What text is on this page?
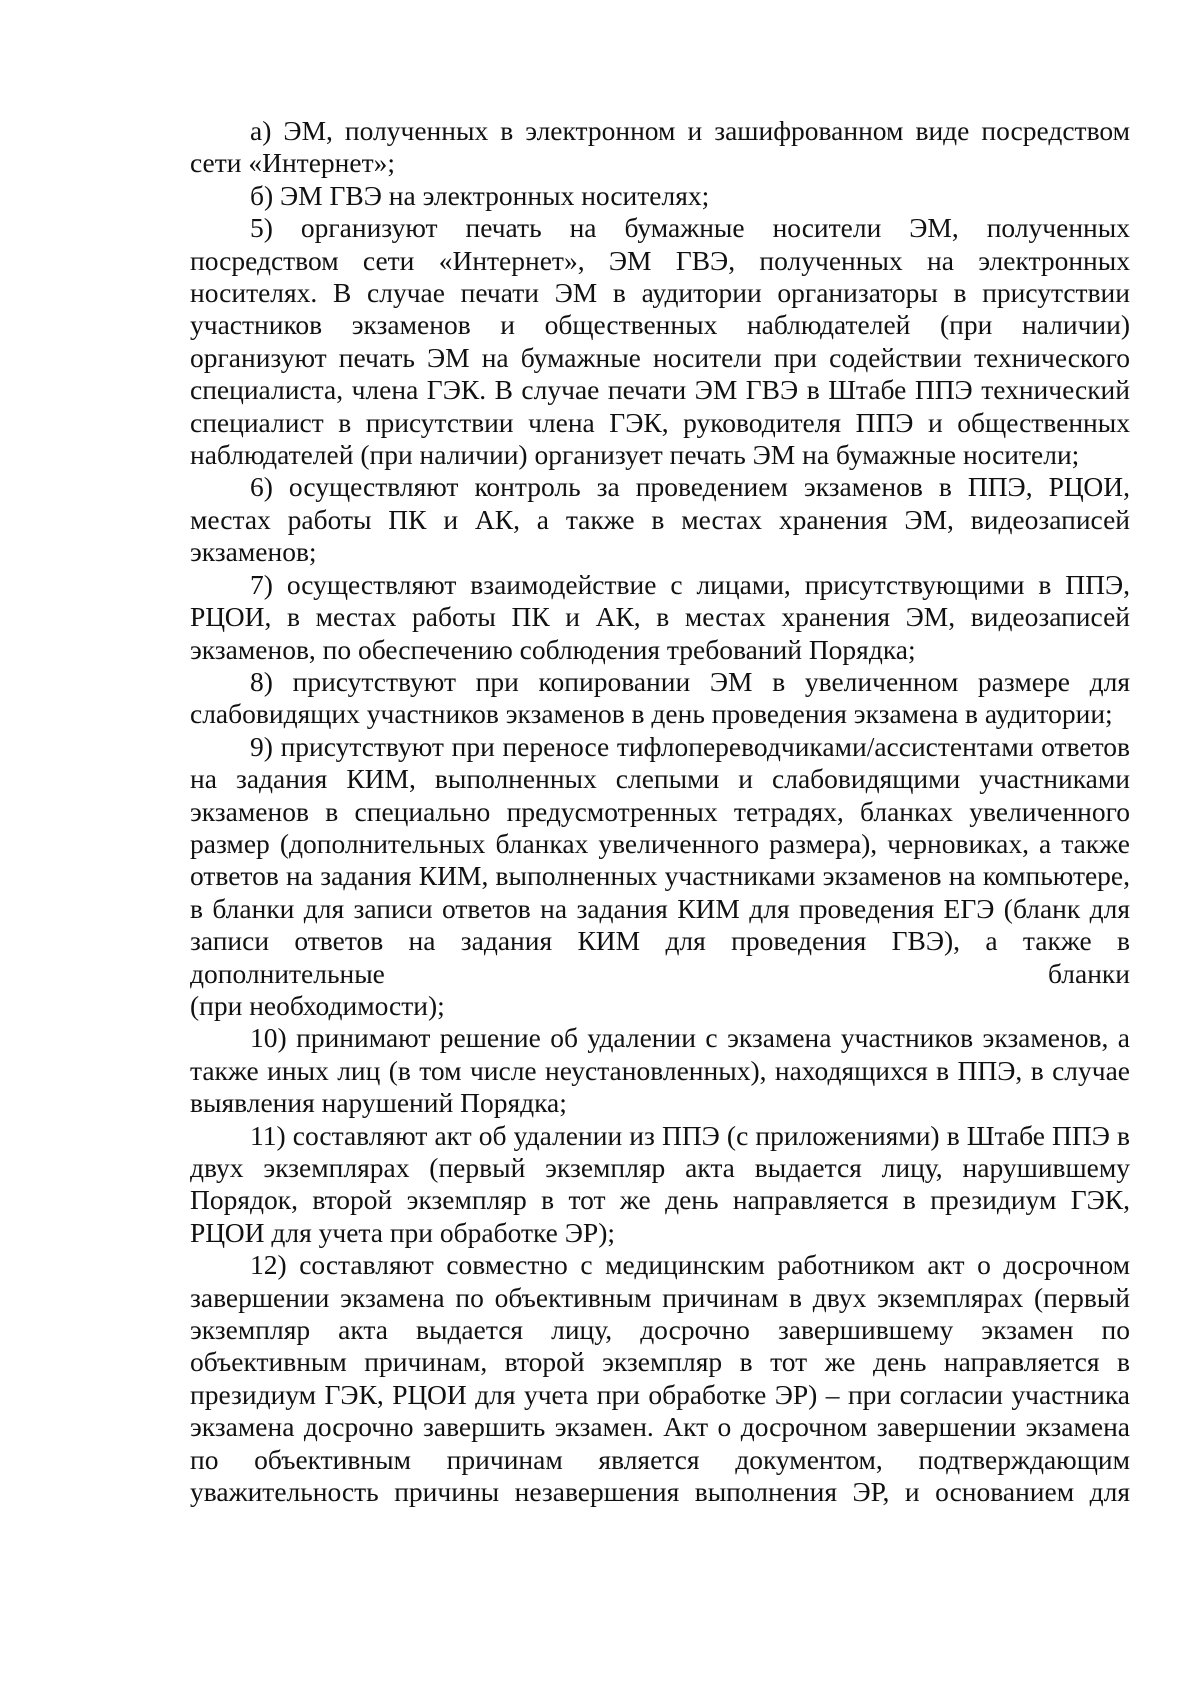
а) ЭМ, полученных в электронном и зашифрованном виде посредством сети «Интернет»;

б) ЭМ ГВЭ на электронных носителях;

5) организуют печать на бумажные носители ЭМ, полученных посредством сети «Интернет», ЭМ ГВЭ, полученных на электронных носителях. В случае печати ЭМ в аудитории организаторы в присутствии участников экзаменов и общественных наблюдателей (при наличии) организуют печать ЭМ на бумажные носители при содействии технического специалиста, члена ГЭК. В случае печати ЭМ ГВЭ в Штабе ППЭ технический специалист в присутствии члена ГЭК, руководителя ППЭ и общественных наблюдателей (при наличии) организует печать ЭМ на бумажные носители;

6) осуществляют контроль за проведением экзаменов в ППЭ, РЦОИ, местах работы ПК и АК, а также в местах хранения ЭМ, видеозаписей экзаменов;

7) осуществляют взаимодействие с лицами, присутствующими в ППЭ, РЦОИ, в местах работы ПК и АК, в местах хранения ЭМ, видеозаписей экзаменов, по обеспечению соблюдения требований Порядка;

8) присутствуют при копировании ЭМ в увеличенном размере для слабовидящих участников экзаменов в день проведения экзамена в аудитории;

9) присутствуют при переносе тифлопереводчиками/ассистентами ответов на задания КИМ, выполненных слепыми и слабовидящими участниками экзаменов в специально предусмотренных тетрадях, бланках увеличенного размер (дополнительных бланках увеличенного размера), черновиках, а также ответов на задания КИМ, выполненных участниками экзаменов на компьютере, в бланки для записи ответов на задания КИМ для проведения ЕГЭ (бланк для записи ответов на задания КИМ для проведения ГВЭ), а также в дополнительные бланки

(при необходимости);

10) принимают решение об удалении с экзамена участников экзаменов, а также иных лиц (в том числе неустановленных), находящихся в ППЭ, в случае выявления нарушений Порядка;

11) составляют акт об удалении из ППЭ (с приложениями) в Штабе ППЭ в двух экземплярах (первый экземпляр акта выдается лицу, нарушившему Порядок, второй экземпляр в тот же день направляется в президиум ГЭК, РЦОИ для учета при обработке ЭР);

12) составляют совместно с медицинским работником акт о досрочном завершении экзамена по объективным причинам в двух экземплярах (первый экземпляр акта выдается лицу, досрочно завершившему экзамен по объективным причинам, второй экземпляр в тот же день направляется в президиум ГЭК, РЦОИ для учета при обработке ЭР) – при согласии участника экзамена досрочно завершить экзамен. Акт о досрочном завершении экзамена по объективным причинам является документом, подтверждающим уважительность причины незавершения выполнения ЭР, и основанием для
